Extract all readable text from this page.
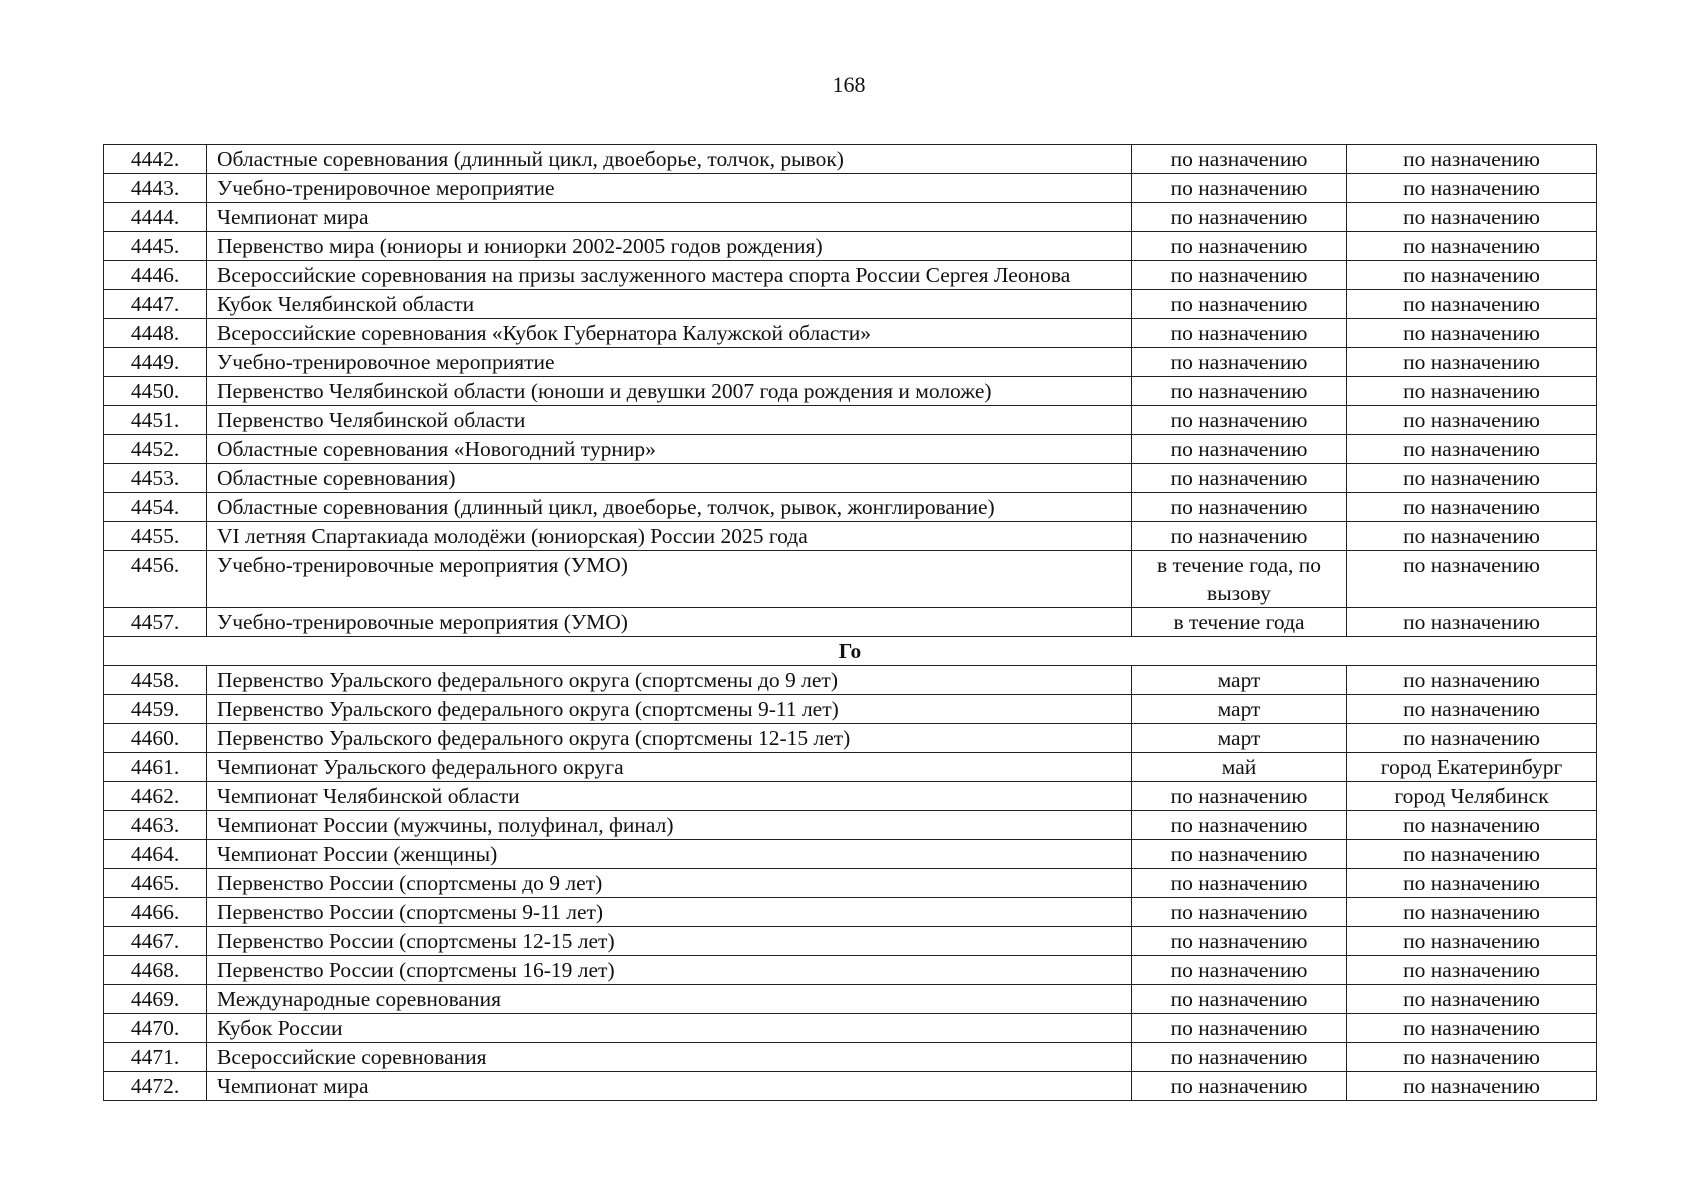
168
4442.	Областные соревнования (длинный цикл, двоеборье, толчок, рывок)	по назначению	по назначению
4443.	Учебно-тренировочное мероприятие	по назначению	по назначению
4444.	Чемпионат мира	по назначению	по назначению
4445.	Первенство мира (юниоры и юниорки 2002-2005 годов рождения)	по назначению	по назначению
4446.	Всероссийские соревнования на призы заслуженного мастера спорта России Сергея Леонова	по назначению	по назначению
4447.	Кубок Челябинской области	по назначению	по назначению
4448.	Всероссийские соревнования «Кубок Губернатора Калужской области»	по назначению	по назначению
4449.	Учебно-тренировочное мероприятие	по назначению	по назначению
4450.	Первенство Челябинской области (юноши и девушки 2007 года рождения и моложе)	по назначению	по назначению
4451.	Первенство Челябинской области	по назначению	по назначению
4452.	Областные соревнования «Новогодний турнир»	по назначению	по назначению
4453.	Областные соревнования)	по назначению	по назначению
4454.	Областные соревнования (длинный цикл, двоеборье, толчок, рывок, жонглирование)	по назначению	по назначению
4455.	VI летняя Спартакиада молодёжи (юниорская) России 2025 года	по назначению	по назначению
4456.	Учебно-тренировочные мероприятия (УМО)	в течение года, по вызову	по назначению
4457.	Учебно-тренировочные мероприятия (УМО)	в течение года	по назначению
Го			
4458.	Первенство Уральского федерального округа (спортсмены до 9 лет)	март	по назначению
4459.	Первенство Уральского федерального округа (спортсмены 9-11 лет)	март	по назначению
4460.	Первенство Уральского федерального округа (спортсмены 12-15 лет)	март	по назначению
4461.	Чемпионат Уральского федерального округа	май	город Екатеринбург
4462.	Чемпионат Челябинской области	по назначению	город Челябинск
4463.	Чемпионат России (мужчины, полуфинал, финал)	по назначению	по назначению
4464.	Чемпионат России (женщины)	по назначению	по назначению
4465.	Первенство России (спортсмены до 9 лет)	по назначению	по назначению
4466.	Первенство России (спортсмены 9-11 лет)	по назначению	по назначению
4467.	Первенство России (спортсмены 12-15 лет)	по назначению	по назначению
4468.	Первенство России (спортсмены 16-19 лет)	по назначению	по назначению
4469.	Международные соревнования	по назначению	по назначению
4470.	Кубок России	по назначению	по назначению
4471.	Всероссийские соревнования	по назначению	по назначению
4472.	Чемпионат мира	по назначению	по назначению
